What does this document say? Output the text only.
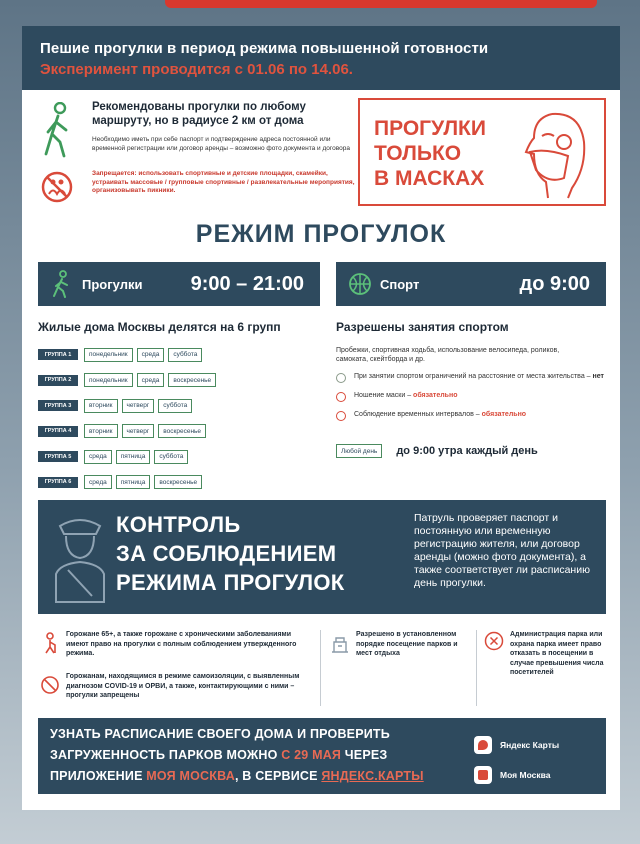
Пешие прогулки в период режима повышенной готовности
Эксперимент проводится с 01.06 по 14.06.
Рекомендованы прогулки по любому маршруту, но в радиусе 2 км от дома
Необходимо иметь при себе паспорт и подтверждение адреса постоянной или временной регистрации или договор аренды – возможно фото документа и договора
Запрещается: использовать спортивные и детские площадки, скамейки, устраивать массовые / групповые спортивные / развлекательные мероприятия, организовывать пикники.
ПРОГУЛКИ
ТОЛЬКО
В МАСКАХ
РЕЖИМ ПРОГУЛОК
Прогулки 9:00 – 21:00	Спорт	до 9:00
Жилые дома Москвы делятся на 6 групп
ГРУППА 1	понедельник	среда	суббота
ГРУППА 2	понедельник	среда	воскресенье
ГРУППА 3	вторник	четверг	суббота
ГРУППА 4	вторник	четверг	воскресенье
ГРУППА 5	среда	пятница	суббота
ГРУППА 6	среда	пятница	воскресенье
Разрешены занятия спортом
Пробежки, спортивная ходьба, использование велосипеда, роликов, самоката, скейтборда и др.
При занятии спортом ограничений на расстояние от места жительства – нет
Ношение маски – обязательно
Соблюдение временных интервалов – обязательно
Любой день	до 9:00 утра каждый день
КОНТРОЛЬ
ЗА СОБЛЮДЕНИЕМ
РЕЖИМА ПРОГУЛОК
Патруль проверяет паспорт и постоянную или временную регистрацию жителя, или договор аренды (можно фото документа), а также соответствует ли расписанию день прогулки.
Горожане 65+, а также горожане с хроническими заболеваниями имеют право на прогулки с полным соблюдением утвержденного режима.
Горожанам, находящимся в режиме самоизоляции, с выявленным диагнозом COVID-19 и ОРВИ, а также, контактирующими с ними – прогулки запрещены
Разрешено в установленном порядке посещение парков и мест отдыха
Администрация парка или охрана парка имеет право отказать в посещении в случае превышения числа посетителей
УЗНАТЬ РАСПИСАНИЕ СВОЕГО ДОМА И ПРОВЕРИТЬ
ЗАГРУЖЕННОСТЬ ПАРКОВ МОЖНО С 29 МАЯ ЧЕРЕЗ
ПРИЛОЖЕНИЕ МОЯ МОСКВА, В СЕРВИСЕ ЯНДЕКС.КАРТЫ
Яндекс Карты
Моя Москва
